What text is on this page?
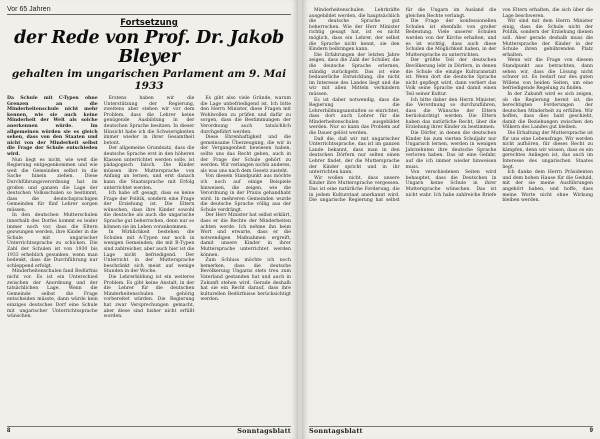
Vor 65 Jahren
Fortsetzung
der Rede von Prof. Dr. Jakob Bleyer
gehalten im ungarischen Parlament am 9. Mai 1933

Da Schule mit C-Typen ohne Grenzen an die Minderheitenschule nicht mehr kennen, wie sie auch keine Minderheit der Welt als solche anerkennen würde. Im allgemeinen würden sie es gleich sehen, dass von den Staaten und nicht von der Minderheit selbst die Frage der Schule entschieden wird.

Nun liegt es nicht, wie weit die Regierung entgegenkommen und wie weit die Gemeinden selbst in die Sache hinein ziehen. Diese Durchführungsverordnung hat im großen und ganzen die Lage der deutschen Volksschulen so bestimmt, dass die deutschsprachigen Gemeinden für fünf Lehrer sorgen müssen.

In den deutschen Mutterschulen innerhalb des Dorfes kommt es leider immer noch vor, dass die Eltern gezwungen werden, ihre Kinder in die Schule mit ungarischer Unterrichtssprache zu schicken. Die Zahl der Schulen ist von 1930 bis 1933 erheblich gesunken, wenn man bedenkt, dass die Durchführung nur schleppend erfolgt.

Minderheitenschulen fand Bedürfnis nicht vor. Es ist ein Unterschied zwischen der Anordnung und der tatsächlichen Lage. Wenn die Gemeinde selbst die Frage entscheiden müsste, dann würde kein einziges deutsches Dorf eine Schule mit ungarischer Unterrichtssprache wünschen.

Erstens haben wir die Unterstützung der Regierung, zweitens aber stehen wir vor dem Problem, dass die Lehrer keine genügende Ausbildung in der deutschen Sprache besitzen. In dieser Hinsicht habe ich die Schwierigkeiten immer wieder in ihrer Gesamtheit betont.

Der allgemeine Grundsatz, dass die deutsche Sprache erst in den höheren Klassen unterrichtet werden solle, ist pädagogisch falsch. Die Kinder müssen ihre Muttersprache von Anfang an lernen, und erst danach kann die Staatssprache mit Erfolg unterrichtet werden.

Ich habe oft gesagt, dass es keine Frage der Politik, sondern eine Frage der Erziehung ist. Die Eltern wünschen, dass ihre Kinder sowohl die deutsche als auch die ungarische Sprache gut beherrschen, denn nur so können sie im Leben vorankommen.

In Wirklichkeit bestehen die Schulen mit A-Typen nur noch in wenigen Gemeinden; die mit B-Typen sind zahlreicher, aber auch hier ist die Lage nicht befriedigend. Der Unterricht in der Muttersprache beschränkt sich meist auf wenige Stunden in der Woche.

Die Lehrerbildung ist ein weiteres Problem. Es gibt keine Anstalt, in der die Lehrer für die deutschen Minderheitenschulen gehörig vorbereitet würden. Die Regierung hat zwar Versprechungen gemacht, aber diese sind bisher nicht erfüllt worden.

Es gibt also viele Gründe, warum die Lage unbefriedigend ist. Ich bitte den Herrn Minister, diese Fragen mit Wohlwollen zu prüfen und dafür zu sorgen, dass die Bestimmungen der Verordnung auch tatsächlich durchgeführt werden.

Diese Ehrenhaftigkeit und die gemeinsame Überzeugung, die wir in der Vergangenheit bewiesen haben, sollte uns das Recht geben, auch in der Frage der Schule gehört zu werden. Wir verlangen nichts anderes, als was uns nach dem Gesetz zusteht.

Von diesem Standpunkt aus möchte ich noch auf einige Beispiele hinweisen, die zeigen, wie die Verordnung in der Praxis gehandhabt wird. In mehreren Gemeinden wurde die deutsche Sprache völlig aus der Schule verdrängt.

Der Herr Minister hat selbst erklärt, dass er die Rechte der Minderheiten achten werde. Ich nehme ihn beim Wort und erwarte, dass er die notwendigen Maßnahmen ergreift, damit unsere Kinder in ihrer Muttersprache unterrichtet werden können.

Zum Schluss möchte ich noch bemerken, dass die deutsche Bevölkerung Ungarns stets treu zum Vaterland gestanden hat und auch in Zukunft stehen wird. Gerade deshalb hat sie ein Recht darauf, dass ihre kulturellen Bedürfnisse berücksichtigt werden.

8	Sonntagsblatt

Minderheitenschulen Lehrkräfte ausgebildet werden, die hauptsächlich die deutsche Sprache gut beherrschen. Wie der Herr Minister richtig gesagt hat, ist es nicht möglich, dass ein Lehrer, der selbst die Sprache nicht kennt, sie den Kindern beibringen kann.

Die Erfahrungen der letzten Jahre zeigen, dass die Zahl der Schüler, die die deutsche Sprache erlernen, ständig zurückgeht. Das ist eine bedauerliche Entwicklung, die nicht im Interesse des Landes liegt und die wir mit allen Mitteln verhindern müssen.

Es ist daher notwendig, dass die Regierung die Lehrerbildungsanstalten so einrichtet, dass dort auch Lehrer für die Minderheitenschulen ausgebildet werden. Nur so kann das Problem auf die Dauer gelöst werden.

Daß die, daß wir mit ungarischer Unterrichtssprache, das ist im ganzen Lande bekannt, dass man in den deutschen Dörfern nur selten einen Lehrer findet, der die Muttersprache der Kinder spricht und in ihr unterrichten kann.

Wir wollen nicht, dass unsere Kinder ihre Muttersprache vergessen. Das ist eine natürliche Forderung, die in jedem Kulturstaat anerkannt wird. Die ungarische Regierung hat selbst für die Ungarn im Ausland die gleichen Rechte verlangt.

Die Frage der konfessionellen Schulen ist ebenfalls von großer Bedeutung. Viele unserer Schulen werden von der Kirche erhalten, und es ist wichtig, dass auch diese Schulen die Möglichkeit haben, in der Muttersprache zu unterrichten.

Der größte Teil der deutschen Bevölkerung lebt in Dörfern, in denen die Schule die einzige Kulturanstalt ist. Wenn dort die deutsche Sprache nicht gepflegt wird, dann verliert das Volk seine Sprache und damit einen Teil seiner Kultur.

Ich bitte daher den Herrn Minister, die Verordnung so durchzuführen, dass die Wünsche der Eltern berücksichtigt werden. Die Eltern haben das natürliche Recht, über die Erziehung ihrer Kinder zu bestimmen.

Die Dörfer, in denen die deutschen Kinder bis zum vierten Schuljahr nur Ungarisch lernen, werden in wenigen Jahrzehnten ihre deutsche Sprache verloren haben. Das ist eine Gefahr, auf die ich immer wieder hinweisen muss.

Von verschiedenen Seiten wird behauptet, dass die Deutschen in Ungarn keine Schule in ihrer Muttersprache wünschen. Das ist nicht wahr. Ich habe zahlreiche Briefe von Eltern erhalten, die sich über die Lage beschweren.

Wir sind mit dem Herrn Minister einig, dass die Schule nicht der Politik, sondern der Erziehung dienen soll. Aber gerade deshalb muss die Muttersprache der Kinder in der Schule ihren gebührenden Platz erhalten.

Wenn wir die Frage von diesem Standpunkt aus betrachten, dann sehen wir, dass die Lösung nicht schwer ist. Es bedarf nur des guten Willens von beiden Seiten, um eine befriedigende Regelung zu finden.

In der Zukunft wird es sich zeigen, ob die Regierung bereit ist, die berechtigten Forderungen der deutschen Minderheit zu erfüllen. Wir hoffen, dass dies bald geschieht, damit die Beziehungen zwischen den Völkern des Landes gut bleiben.

Die Erhaltung der Muttersprache ist für uns eine Lebensfrage. Wir werden nicht aufhören, für dieses Recht zu kämpfen, denn wir wissen, dass es ein gerechtes Anliegen ist, das auch im Interesse des ungarischen Staates liegt.

Ich danke dem Herrn Präsidenten und dem hohen Hause für die Geduld, mit der sie meine Ausführungen angehört haben, und hoffe, dass meine Worte nicht ohne Wirkung bleiben werden.

Sonntagsblatt	9
